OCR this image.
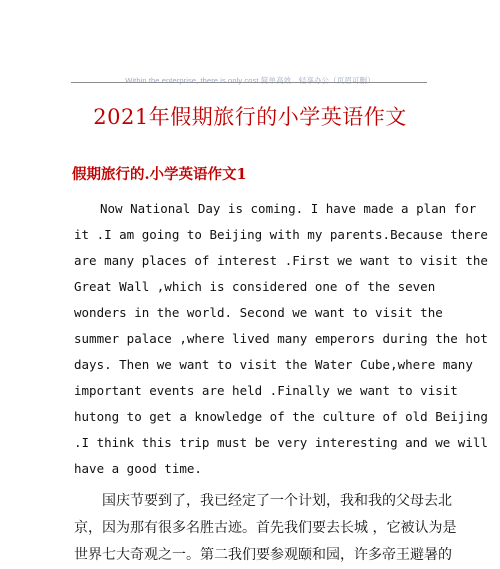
Within the enterprise, there is only cost.简单高效　轻享办公（页眉可删）
2021年假期旅行的小学英语作文
假期旅行的.小学英语作文1
Now National Day is coming. I have made a plan for
it .I am going to Beijing with my parents.Because there
are many places of interest .First we want to visit the
Great Wall ,which is considered one of the seven
wonders in the world. Second we want to visit the
summer palace ,where lived many emperors during the hot
days. Then we want to visit the Water Cube,where many
important events are held .Finally we want to visit
hutong to get a knowledge of the culture of old Beijing
.I think this trip must be very interesting and we will
have a good time.
国庆节要到了，我已经定了一个计划，我和我的父母去北
京，因为那有很多名胜古迹。首先我们要去长城 ，它被认为是
世界七大奇观之一。第二我们要参观颐和园，许多帝王避暑的
